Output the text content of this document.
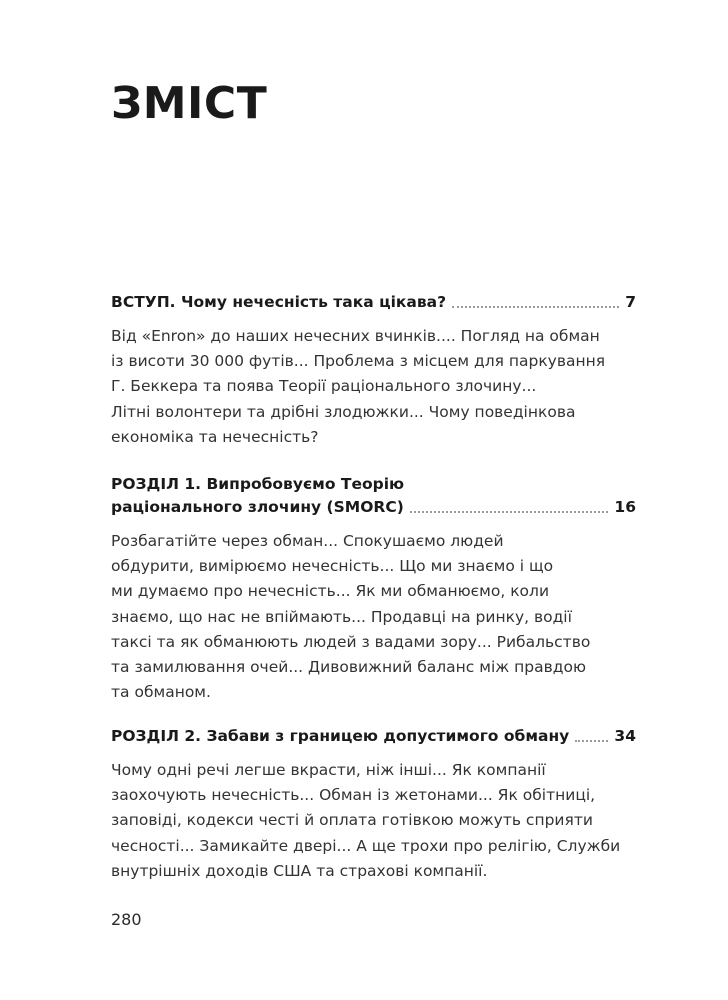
ЗМІСТ
ВСТУП. Чому нечесність така цікава?	7
Від «Enron» до наших нечесних вчинків.... Погляд на обман
із висоти 30 000 футів... Проблема з місцем для паркування
Г. Беккера та поява Теорії раціонального злочину...
Літні волонтери та дрібні злодюжки... Чому поведінкова
економіка та нечесність?
РОЗДІЛ 1. Випробовуємо Теорію
раціонального злочину (SMORC)	16
Розбагатійте через обман... Спокушаємо людей
обдурити, вимірюємо нечесність... Що ми знаємо і що
ми думаємо про нечесність... Як ми обманюємо, коли
знаємо, що нас не впіймають... Продавці на ринку, водії
таксі та як обманюють людей з вадами зору... Рибальство
та замилювання очей... Дивовижний баланс між правдою
та обманом.
РОЗДІЛ 2. Забави з границею допустимого обману	34
Чому одні речі легше вкрасти, ніж інші... Як компанії
заохочують нечесність... Обман із жетонами... Як обітниці,
заповіді, кодекси честі й оплата готівкою можуть сприяти
чесності... Замикайте двері... А ще трохи про релігію, Служби
внутрішніх доходів США та страхові компанії.
280
